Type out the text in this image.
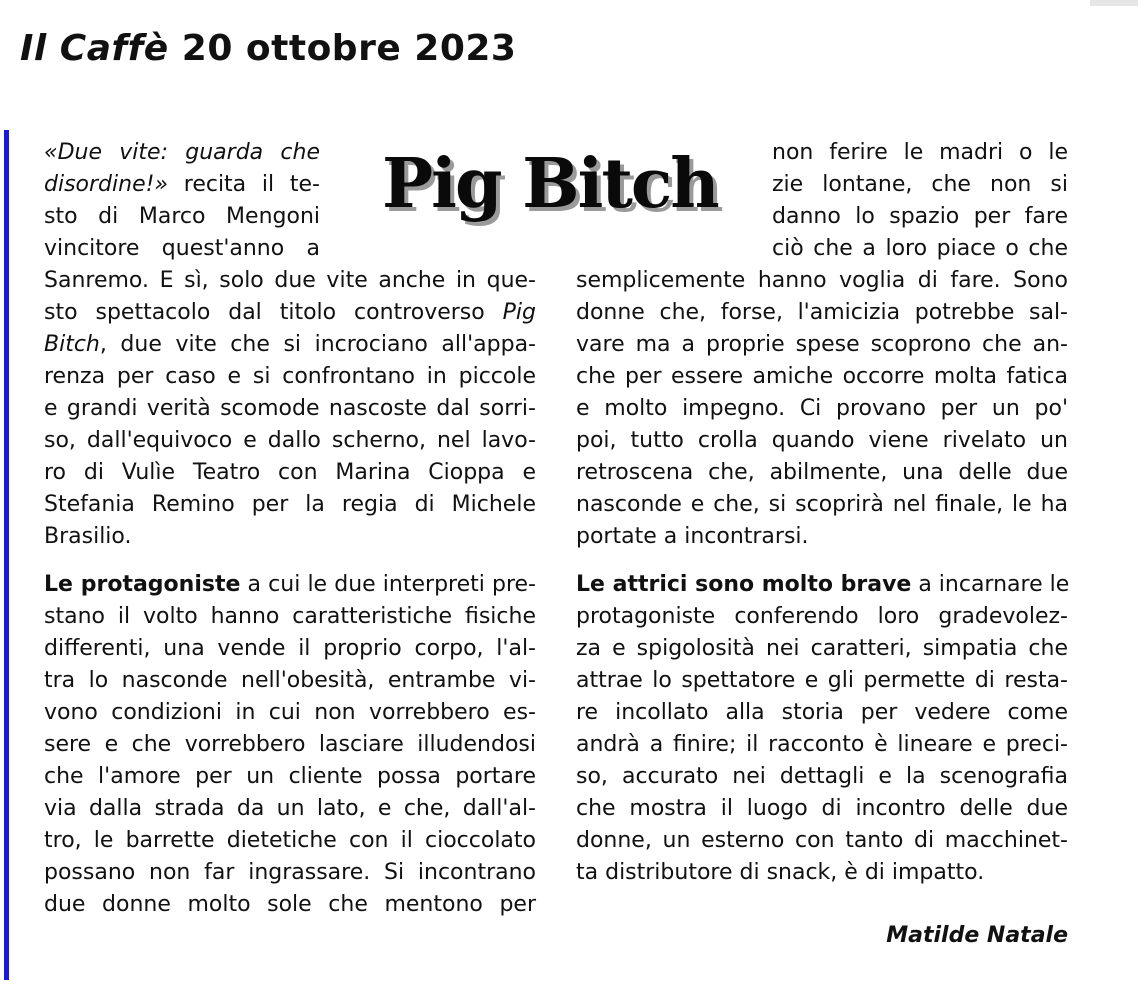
Il Caffè 20 ottobre 2023
Pig Bitch
«Due vite: guarda che
disordine!» recita il te-
sto di Marco Mengoni
vincitore quest'anno a
Sanremo. E sì, solo due vite anche in que-
sto spettacolo dal titolo controverso Pig
Bitch, due vite che si incrociano all'appa-
renza per caso e si confrontano in piccole
e grandi verità scomode nascoste dal sorri-
so, dall'equivoco e dallo scherno, nel lavo-
ro di Vulìe Teatro con Marina Cioppa e
Stefania Remino per la regia di Michele
Brasilio.
Le protagoniste a cui le due interpreti pre-
stano il volto hanno caratteristiche fisiche
differenti, una vende il proprio corpo, l'al-
tra lo nasconde nell'obesità, entrambe vi-
vono condizioni in cui non vorrebbero es-
sere e che vorrebbero lasciare illudendosi
che l'amore per un cliente possa portare
via dalla strada da un lato, e che, dall'al-
tro, le barrette dietetiche con il cioccolato
possano non far ingrassare. Si incontrano
due donne molto sole che mentono per
non ferire le madri o le
zie lontane, che non si
danno lo spazio per fare
ciò che a loro piace o che
semplicemente hanno voglia di fare. Sono
donne che, forse, l'amicizia potrebbe sal-
vare ma a proprie spese scoprono che an-
che per essere amiche occorre molta fatica
e molto impegno. Ci provano per un po'
poi, tutto crolla quando viene rivelato un
retroscena che, abilmente, una delle due
nasconde e che, si scoprirà nel finale, le ha
portate a incontrarsi.
Le attrici sono molto brave a incarnare le
protagoniste conferendo loro gradevolez-
za e spigolosità nei caratteri, simpatia che
attrae lo spettatore e gli permette di resta-
re incollato alla storia per vedere come
andrà a finire; il racconto è lineare e preci-
so, accurato nei dettagli e la scenografia
che mostra il luogo di incontro delle due
donne, un esterno con tanto di macchinet-
ta distributore di snack, è di impatto.
Matilde Natale
